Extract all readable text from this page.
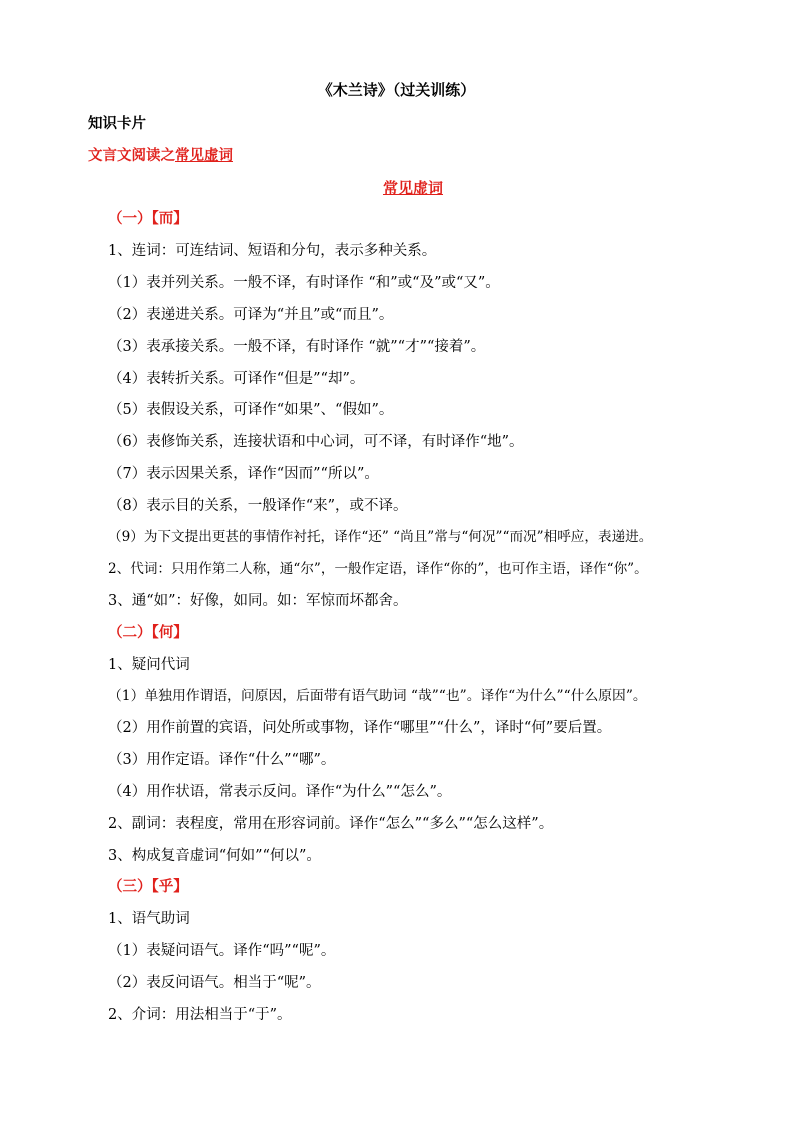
《木兰诗》（过关训练）
知识卡片
文言文阅读之常见虚词
常见虚词
（一）【而】
1、连词：可连结词、短语和分句，表示多种关系。
（1）表并列关系。一般不译，有时译作 “和”或“及”或“又”。
（2）表递进关系。可译为“并且”或“而且”。
（3）表承接关系。一般不译，有时译作 “就”“才”“接着”。
（4）表转折关系。可译作“但是”“却”。
（5）表假设关系，可译作“如果”、“假如”。
（6）表修饰关系，连接状语和中心词，可不译，有时译作“地”。
（7）表示因果关系，译作“因而”“所以”。
（8）表示目的关系，一般译作“来”，或不译。
（9）为下文提出更甚的事情作衬托，译作“还” “尚且”常与“何况”“而况”相呼应，表递进。
2、代词：只用作第二人称，通“尔”，一般作定语，译作“你的”，也可作主语，译作“你”。
3、通“如”：好像，如同。如：军惊而坏都舍。
（二）【何】
1、疑问代词
（1）单独用作谓语，问原因，后面带有语气助词 “哉”“也”。译作“为什么”“什么原因”。
（2）用作前置的宾语，问处所或事物，译作“哪里”“什么”，译时“何”要后置。
（3）用作定语。译作“什么”“哪”。
（4）用作状语，常表示反问。译作“为什么”“怎么”。
2、副词：表程度，常用在形容词前。译作“怎么”“多么”“怎么这样”。
3、构成复音虚词“何如”“何以”。
（三）【乎】
1、语气助词
（1）表疑问语气。译作“吗”“呢”。
（2）表反问语气。相当于“呢”。
2、介词：用法相当于“于”。
